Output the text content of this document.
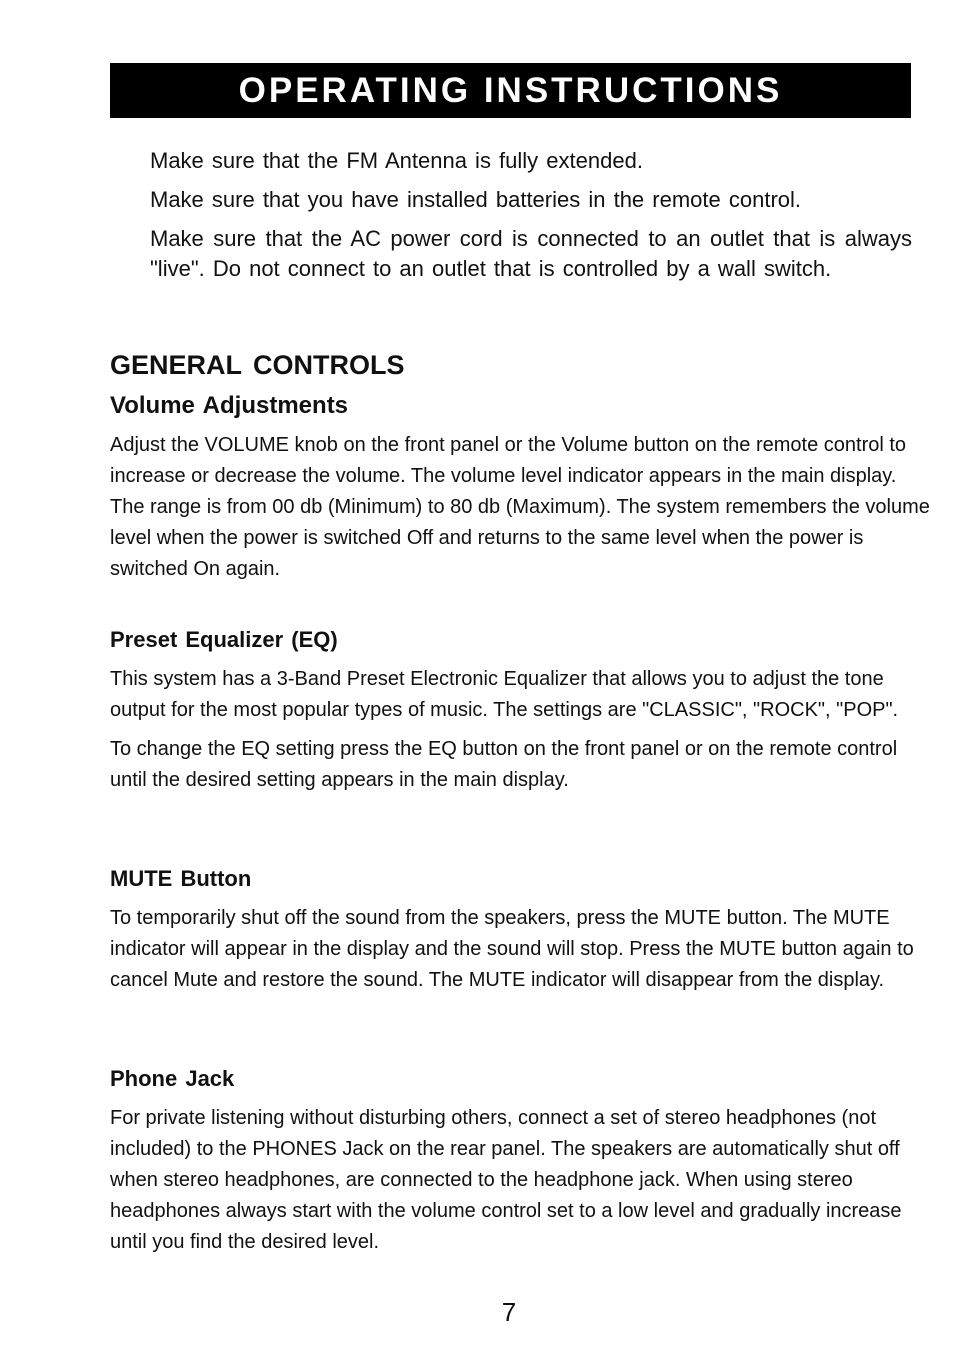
OPERATING INSTRUCTIONS

Make sure that the FM Antenna is fully extended.

Make sure that you have installed batteries in the remote control.

Make sure that the AC power cord is connected to an outlet that is always "live". Do not connect to an outlet that is controlled by a wall switch.

GENERAL CONTROLS
Volume Adjustments

Adjust the VOLUME knob on the front panel or the Volume button on the remote control to increase or decrease the volume. The volume level indicator appears in the main display. The range is from 00 db (Minimum) to 80 db (Maximum). The system remembers the volume level when the power is switched Off and returns to the same level when the power is switched On again.

Preset Equalizer (EQ)

This system has a 3-Band Preset Electronic Equalizer that allows you to adjust the tone output for the most popular types of music. The settings are "CLASSIC", "ROCK", "POP".

To change the EQ setting press the EQ button on the front panel or on the remote control until the desired setting appears in the main display.

MUTE Button

To temporarily shut off the sound from the speakers, press the MUTE button. The MUTE indicator will appear in the display and the sound will stop. Press the MUTE button again to cancel Mute and restore the sound. The MUTE indicator will disappear from the display.

Phone Jack

For private listening without disturbing others, connect a set of stereo headphones (not included) to the PHONES Jack on the rear panel. The speakers are automatically shut off when stereo headphones, are connected to the headphone jack. When using stereo headphones always start with the volume control set to a low level and gradually increase until you find the desired level.

7
